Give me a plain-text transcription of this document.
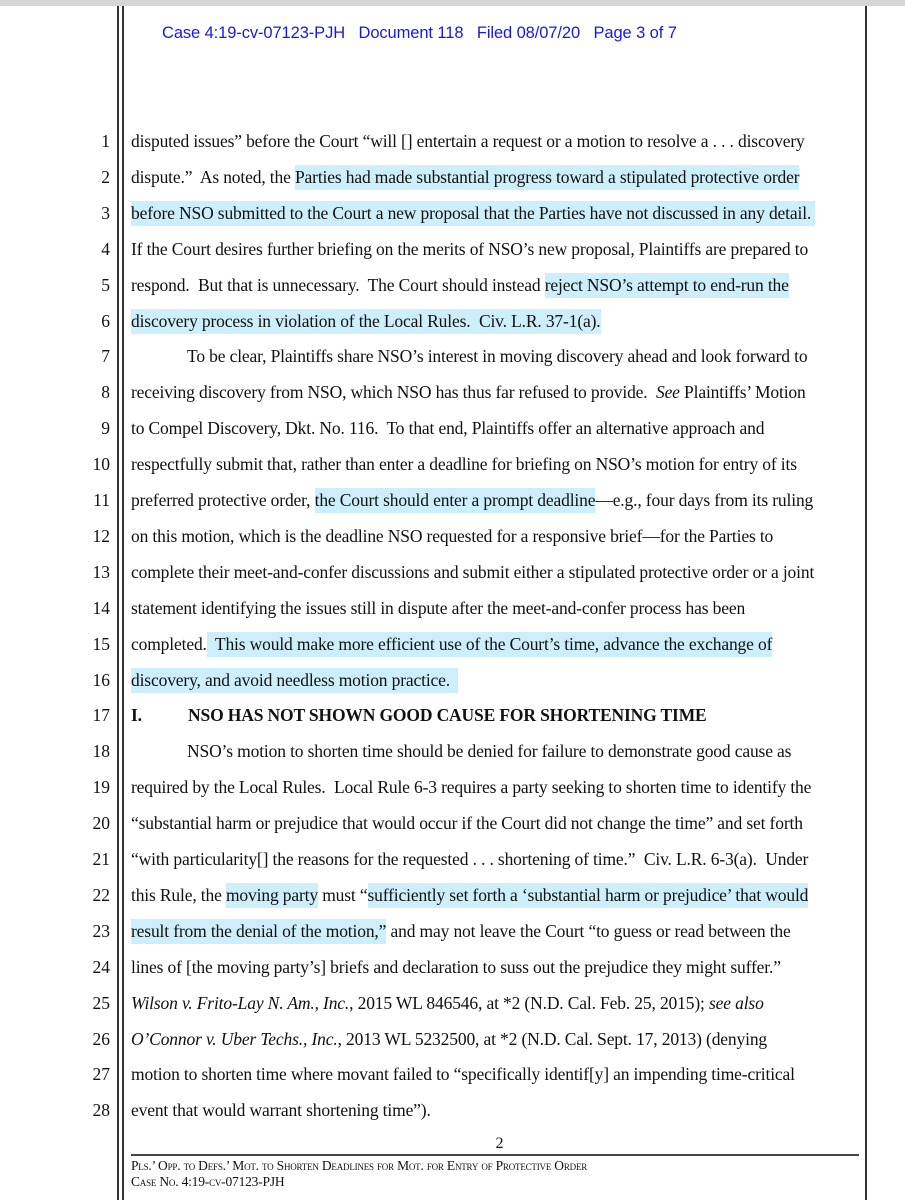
Case 4:19-cv-07123-PJH   Document 118   Filed 08/07/20   Page 3 of 7
1
2
3
4
5
6
7
8
9
10
11
12
13
14
15
16
17
18
19
20
21
22
23
24
25
26
27
28
disputed issues” before the Court “will [] entertain a request or a motion to resolve a . . . discovery
dispute.”  As noted, the Parties had made substantial progress toward a stipulated protective order
before NSO submitted to the Court a new proposal that the Parties have not discussed in any detail.
If the Court desires further briefing on the merits of NSO’s new proposal, Plaintiffs are prepared to
respond.  But that is unnecessary.  The Court should instead reject NSO’s attempt to end-run the
discovery process in violation of the Local Rules.  Civ. L.R. 37-1(a).
To be clear, Plaintiffs share NSO’s interest in moving discovery ahead and look forward to
receiving discovery from NSO, which NSO has thus far refused to provide.  See Plaintiffs’ Motion
to Compel Discovery, Dkt. No. 116.  To that end, Plaintiffs offer an alternative approach and
respectfully submit that, rather than enter a deadline for briefing on NSO’s motion for entry of its
preferred protective order, the Court should enter a prompt deadline—e.g., four days from its ruling
on this motion, which is the deadline NSO requested for a responsive brief—for the Parties to
complete their meet-and-confer discussions and submit either a stipulated protective order or a joint
statement identifying the issues still in dispute after the meet-and-confer process has been
completed.  This would make more efficient use of the Court’s time, advance the exchange of
discovery, and avoid needless motion practice.
I.	NSO HAS NOT SHOWN GOOD CAUSE FOR SHORTENING TIME
NSO’s motion to shorten time should be denied for failure to demonstrate good cause as
required by the Local Rules.  Local Rule 6-3 requires a party seeking to shorten time to identify the
“substantial harm or prejudice that would occur if the Court did not change the time” and set forth
“with particularity[] the reasons for the requested . . . shortening of time.”  Civ. L.R. 6-3(a).  Under
this Rule, the moving party must “sufficiently set forth a ‘substantial harm or prejudice’ that would
result from the denial of the motion,” and may not leave the Court “to guess or read between the
lines of [the moving party’s] briefs and declaration to suss out the prejudice they might suffer.”
Wilson v. Frito-Lay N. Am., Inc., 2015 WL 846546, at *2 (N.D. Cal. Feb. 25, 2015); see also
O’Connor v. Uber Techs., Inc., 2013 WL 5232500, at *2 (N.D. Cal. Sept. 17, 2013) (denying
motion to shorten time where movant failed to “specifically identif[y] an impending time-critical
event that would warrant shortening time”).
2
Pls.’ Opp. to Defs.’ Mot. to Shorten Deadlines for Mot. for Entry of Protective Order
Case No. 4:19-cv-07123-PJH
